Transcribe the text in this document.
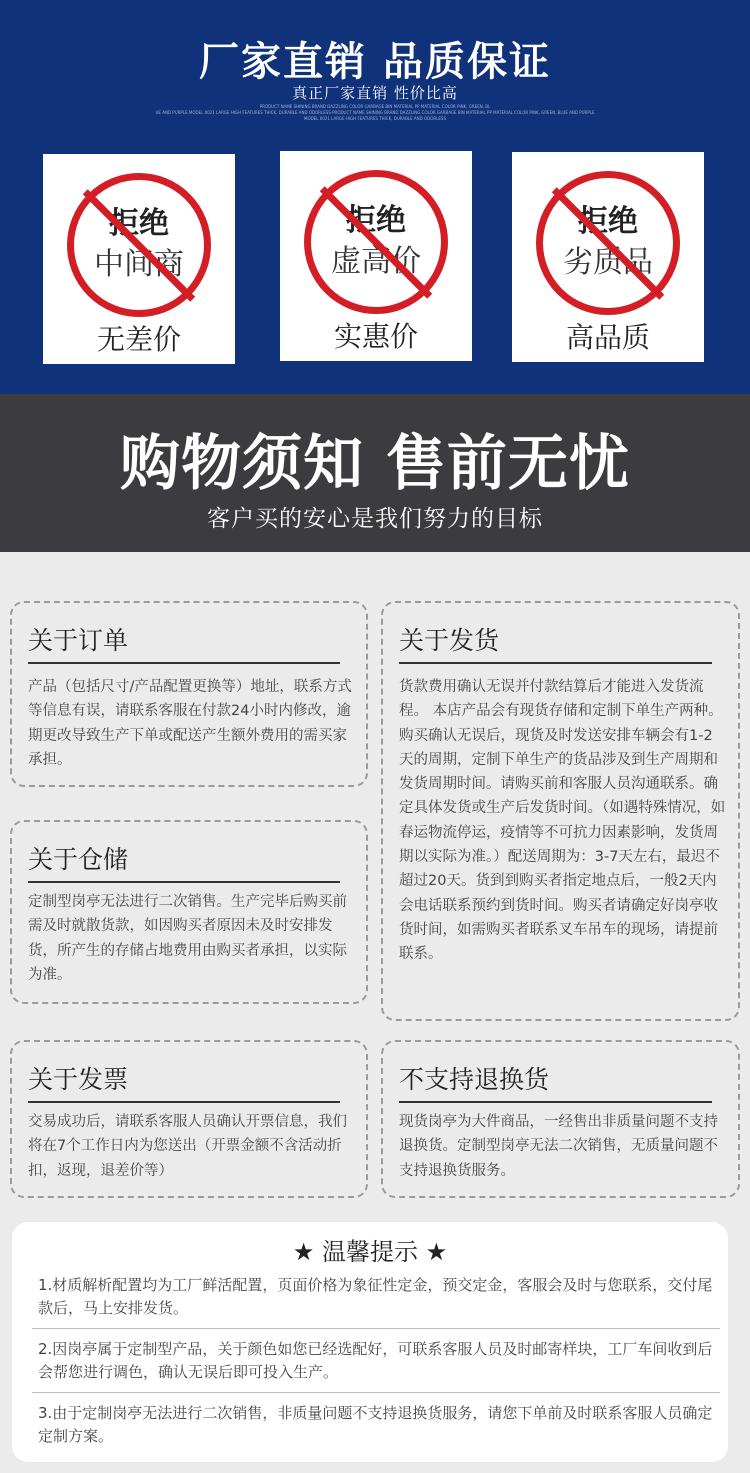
厂家直销 品质保证
真正厂家直销 性价比高
PRODUCT NAME SHINING BRAND DAZZLING COLOR GARBAGE BIN MATERIAL PP MATERIAL COLOR PINK, GREEN, BL
UE AND PURPLE MODEL 0021 LARGE HIGH FEATURES THICK, DURABLE AND ODORLESS PRODUCT NAME SHINING BRAND DAZZLING COLOR GARBAGE BIN MATERIAL PP MATERIAL COLOR PINK, GREEN, BLUE AND PURPLE
MODEL 0021 LARGE HIGH FEATURES THICK, DURABLE AND ODORLESS
拒绝
中间商
无差价
拒绝
虚高价
实惠价
拒绝
劣质品
高品质
购物须知 售前无忧
客户买的安心是我们努力的目标
关于订单

产品（包括尺寸/产品配置更换等）地址，联系方式等信息有误，请联系客服在付款24小时内修改，逾期更改导致生产下单或配送产生额外费用的需买家承担。

关于发货

货款费用确认无误并付款结算后才能进入发货流程。 本店产品会有现货存储和定制下单生产两种。 购买确认无误后，现货及时发送安排车辆会有1-2天的周期，定制下单生产的货品涉及到生产周期和发货周期时间。请购买前和客服人员沟通联系。确定具体发货或生产后发货时间。（如遇特殊情况，如春运物流停运，疫情等不可抗力因素影响，发货周期以实际为准。）配送周期为：3-7天左右，最迟不超过20天。货到到购买者指定地点后，一般2天内会电话联系预约到货时间。购买者请确定好岗亭收货时间，如需购买者联系叉车吊车的现场，请提前联系。

关于仓储

定制型岗亭无法进行二次销售。生产完毕后购买前需及时就散货款，如因购买者原因未及时安排发货，所产生的存储占地费用由购买者承担，以实际为准。

关于发票

交易成功后，请联系客服人员确认开票信息，我们将在7个工作日内为您送出（开票金额不含活动折扣，返现，退差价等）

不支持退换货

现货岗亭为大件商品，一经售出非质量问题不支持退换货。定制型岗亭无法二次销售，无质量问题不支持退换货服务。

★ 温馨提示 ★
1.材质解析配置均为工厂鲜活配置，页面价格为象征性定金，预交定金，客服会及时与您联系，交付尾款后，马上安排发货。
2.因岗亭属于定制型产品，关于颜色如您已经选配好，可联系客服人员及时邮寄样块，工厂车间收到后会帮您进行调色，确认无误后即可投入生产。
3.由于定制岗亭无法进行二次销售，非质量问题不支持退换货服务，请您下单前及时联系客服人员确定定制方案。
